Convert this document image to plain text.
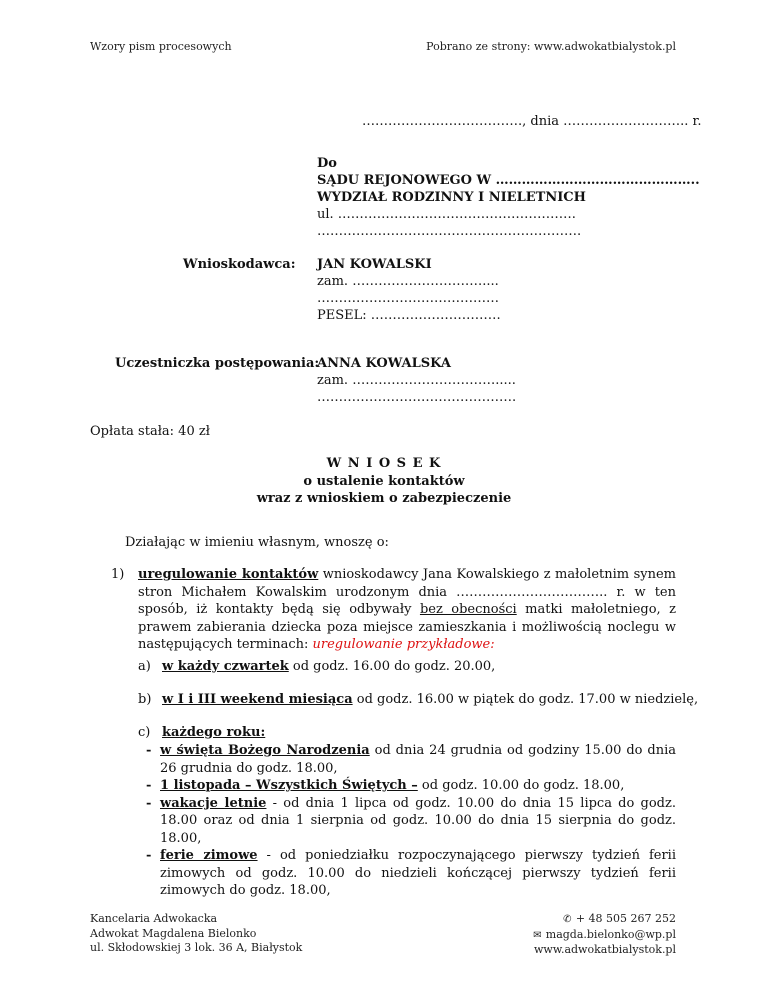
Wzory pism procesowych	Pobrano ze strony: www.adwokatbialystok.pl
………………………………., dnia ……………………….. r.
Do
SĄDU REJONOWEGO W ………………………………………..
WYDZIAŁ RODZINNY I NIELETNICH
ul. ……………………………………………….
…………………………………………………….
Wnioskodawca: JAN KOWALSKI
zam. …………………………....
……………………………………
PESEL: …………………………
Uczestniczka postępowania:
ANNA KOWALSKA
zam. …………………………….....
……………………………………….
Opłata stała: 40 zł
W N I O S E K
o ustalenie kontaktów
wraz z wnioskiem o zabezpieczenie
Działając w imieniu własnym, wnoszę o:
1) uregulowanie kontaktów wnioskodawcy Jana Kowalskiego z małoletnim synem stron Michałem Kowalskim urodzonym dnia …………………………….. r. w ten sposób, iż kontakty będą się odbywały bez obecności matki małoletniego, z prawem zabierania dziecka poza miejsce zamieszkania i możliwością noclegu w następujących terminach: uregulowanie przykładowe:
a) w każdy czwartek od godz. 16.00 do godz. 20.00,
b) w I i III weekend miesiąca od godz. 16.00 w piątek do godz. 17.00 w niedzielę,
c) każdego roku:
- w święta Bożego Narodzenia od dnia 24 grudnia od godziny 15.00 do dnia 26 grudnia do godz. 18.00,
- 1 listopada – Wszystkich Świętych – od godz. 10.00 do godz. 18.00,
- wakacje letnie - od dnia 1 lipca od godz. 10.00 do dnia 15 lipca do godz. 18.00 oraz od dnia 1 sierpnia od godz. 10.00 do dnia 15 sierpnia do godz. 18.00,
- ferie zimowe - od poniedziałku rozpoczynającego pierwszy tydzień ferii zimowych od godz. 10.00 do niedzieli kończącej pierwszy tydzień ferii zimowych do godz. 18.00,
Kancelaria Adwokacka
Adwokat Magdalena Bielonko
ul. Skłodowskiej 3 lok. 36 A, Białystok
✆ + 48 505 267 252
✉ magda.bielonko@wp.pl
www.adwokatbialystok.pl
